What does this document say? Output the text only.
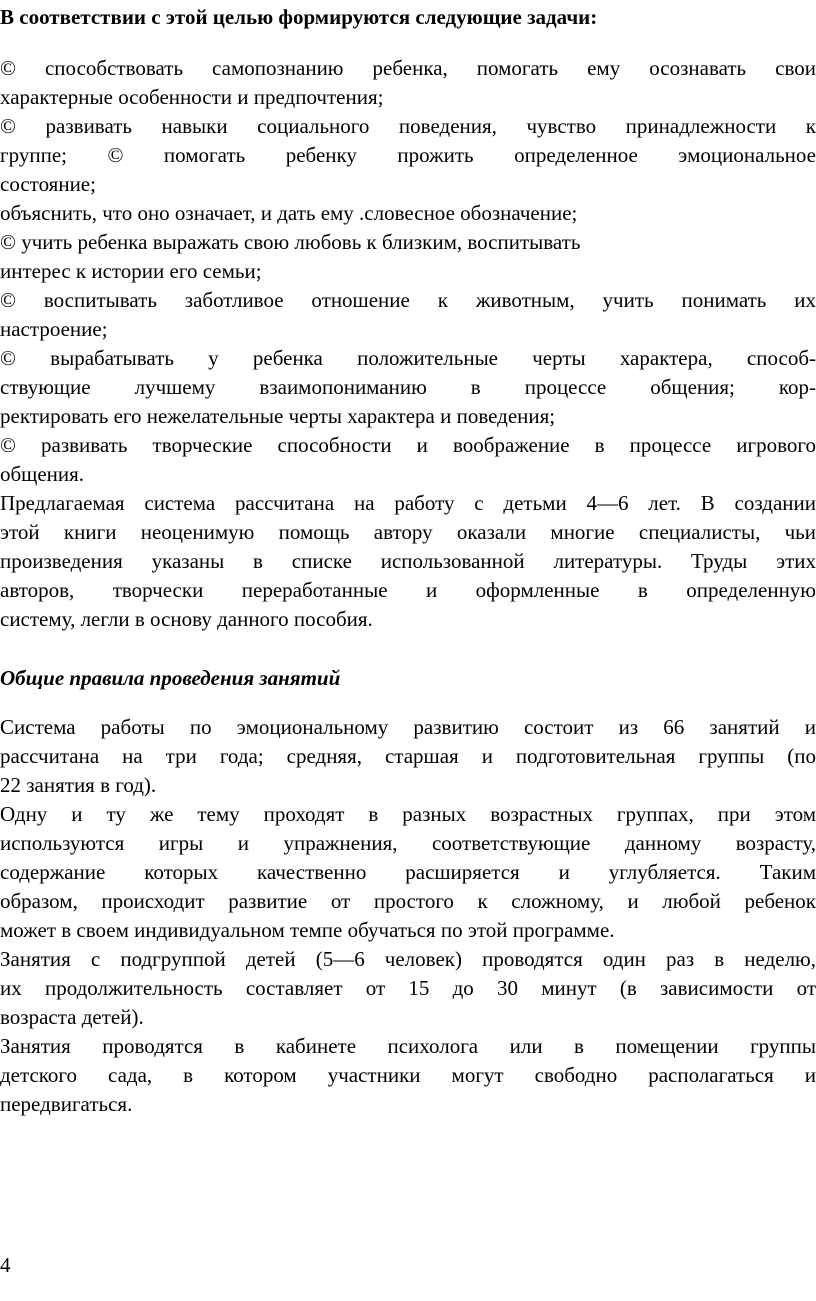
В соответствии с этой целью формируются следующие задачи:

© способствовать самопознанию ребенка, помогать ему осознавать свои
характерные особенности и предпочтения;
© развивать навыки социального поведения, чувство принадлежности к
группе; © помогать ребенку прожить определенное эмоциональное
состояние;
объяснить, что оно означает, и дать ему .словесное обозначение;
© учить ребенка выражать свою любовь к близким, воспитывать
интерес к истории его семьи;
© воспитывать заботливое отношение к животным, учить понимать их
настроение;
© вырабатывать у ребенка положительные черты характера, способ-
ствующие лучшему взаимопониманию в процессе общения; кор-
ректировать его нежелательные черты характера и поведения;
© развивать творческие способности и воображение в процессе игрового
общения.
Предлагаемая система рассчитана на работу с детьми 4—6 лет. В создании
этой книги неоценимую помощь автору оказали многие специалисты, чьи
произведения указаны в списке использованной литературы. Труды этих
авторов, творчески переработанные и оформленные в определенную
систему, легли в основу данного пособия.

Общие правила проведения занятий

Система работы по эмоциональному развитию состоит из 66 занятий и
рассчитана на три года; средняя, старшая и подготовительная группы (по
22 занятия в год).
Одну и ту же тему проходят в разных возрастных группах, при этом
используются игры и упражнения, соответствующие данному возрасту,
содержание которых качественно расширяется и углубляется. Таким
образом, происходит развитие от простого к сложному, и любой ребенок
может в своем индивидуальном темпе обучаться по этой программе.
Занятия с подгруппой детей (5—6 человек) проводятся один раз в неделю,
их продолжительность составляет от 15 до 30 минут (в зависимости от
возраста детей).
Занятия проводятся в кабинете психолога или в помещении группы
детского сада, в котором участники могут свободно располагаться и
передвигаться.
4
